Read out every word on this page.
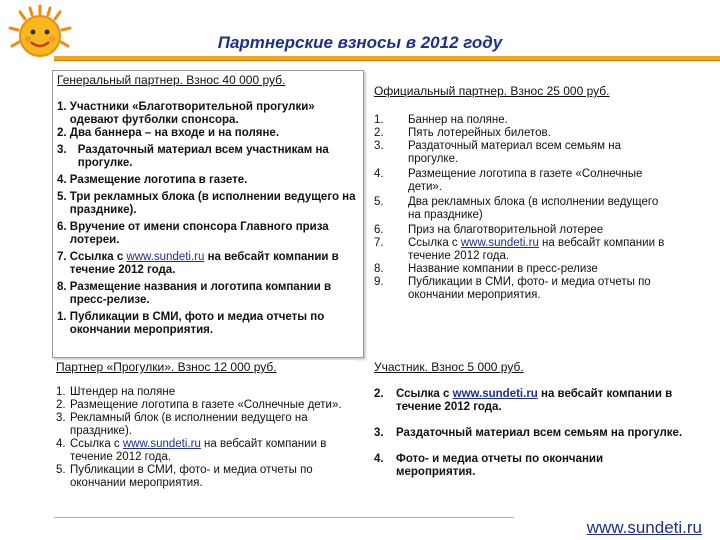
Партнерские взносы в 2012 году
Генеральный партнер. Взнос 40 000 руб.
1.
Участники «Благотворительной прогулки» одевают футболки спонсора.
2.
Два баннера – на входе и на поляне.
3.
Раздаточный материал всем участникам на прогулке.
4.
Размещение логотипа в газете.
5.
Три рекламных блока (в исполнении ведущего на празднике).
6.
Вручение от имени спонсора Главного приза лотереи.
7.
Ссылка с www.sundeti.ru на вебсайт компании в течение 2012 года.
8.
Размещение названия и логотипа компании в пресс-релизе.
1.
Публикации в СМИ, фото и медиа отчеты по окончании мероприятия.
Официальный партнер. Взнос 25 000 руб.
1.	Баннер на поляне.
2.	Пять лотерейных билетов.
3.	Раздаточный материал всем семьям на прогулке.
4.	Размещение логотипа в газете «Солнечные дети».
5.	Два рекламных блока (в исполнении ведущего на празднике)
6.	Приз на благотворительной лотерее
7.	Ссылка с www.sundeti.ru на вебсайт компании в течение 2012 года.
8.	Название компании в пресс-релизе
9.	Публикации в СМИ, фото- и медиа отчеты по окончании мероприятия.
Партнер «Прогулки». Взнос 12 000 руб.
1. Штендер на поляне
2. Размещение логотипа в газете «Солнечные дети».
3. Рекламный блок (в исполнении ведущего на празднике).
4. Ссылка с www.sundeti.ru на вебсайт компании в течение 2012 года.
5. Публикации в СМИ, фото- и медиа отчеты по окончании мероприятия.
Участник. Взнос 5 000 руб.
2.	Ссылка с www.sundeti.ru на вебсайт компании в течение 2012 года.
3.	Раздаточный материал всем семьям на прогулке.
4.	Фото- и медиа отчеты по окончании мероприятия.
www.sundeti.ru
